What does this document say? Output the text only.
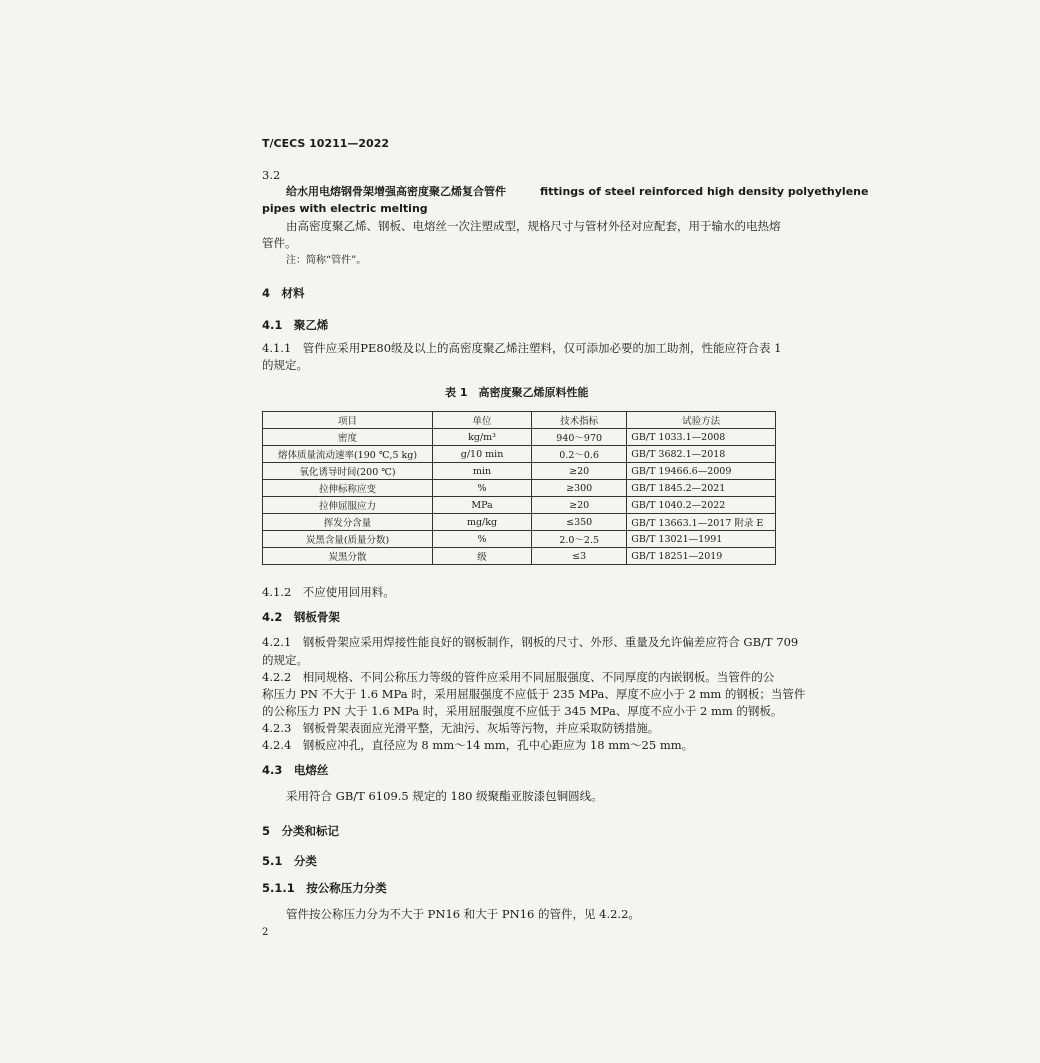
T/CECS 10211—2022
3.2
给水用电熔钢骨架增强高密度聚乙烯复合管件	fittings of steel reinforced high density polyethylene
pipes with electric melting
由高密度聚乙烯、钢板、电熔丝一次注塑成型，规格尺寸与管材外径对应配套，用于输水的电热熔
管件。
注：简称“管件”。
4　材料
4.1　聚乙烯
4.1.1　管件应采用PE80级及以上的高密度聚乙烯注塑料，仅可添加必要的加工助剂，性能应符合表 1
的规定。
表 1　高密度聚乙烯原料性能
项目	单位	技术指标	试验方法
密度	kg/m³	940～970	GB/T 1033.1—2008
熔体质量流动速率(190 ℃,5 kg)	g/10 min	0.2～0.6	GB/T 3682.1—2018
氧化诱导时间(200 ℃)	min	≥20	GB/T 19466.6—2009
拉伸标称应变	%	≥300	GB/T 1845.2—2021
拉伸屈服应力	MPa	≥20	GB/T 1040.2—2022
挥发分含量	mg/kg	≤350	GB/T 13663.1—2017 附录 E
炭黑含量(质量分数)	%	2.0～2.5	GB/T 13021—1991
炭黑分散	级	≤3	GB/T 18251—2019
4.1.2　不应使用回用料。
4.2　钢板骨架
4.2.1　钢板骨架应采用焊接性能良好的钢板制作，钢板的尺寸、外形、重量及允许偏差应符合 GB/T 709
的规定。
4.2.2　相同规格、不同公称压力等级的管件应采用不同屈服强度、不同厚度的内嵌钢板。当管件的公
称压力 PN 不大于 1.6 MPa 时，采用屈服强度不应低于 235 MPa、厚度不应小于 2 mm 的钢板；当管件
的公称压力 PN 大于 1.6 MPa 时，采用屈服强度不应低于 345 MPa、厚度不应小于 2 mm 的钢板。
4.2.3　钢板骨架表面应光滑平整，无油污、灰垢等污物，并应采取防锈措施。
4.2.4　钢板应冲孔，直径应为 8 mm～14 mm，孔中心距应为 18 mm～25 mm。
4.3　电熔丝
采用符合 GB/T 6109.5 规定的 180 级聚酯亚胺漆包铜圆线。
5　分类和标记
5.1　分类
5.1.1　按公称压力分类
管件按公称压力分为不大于 PN16 和大于 PN16 的管件，见 4.2.2。
2
